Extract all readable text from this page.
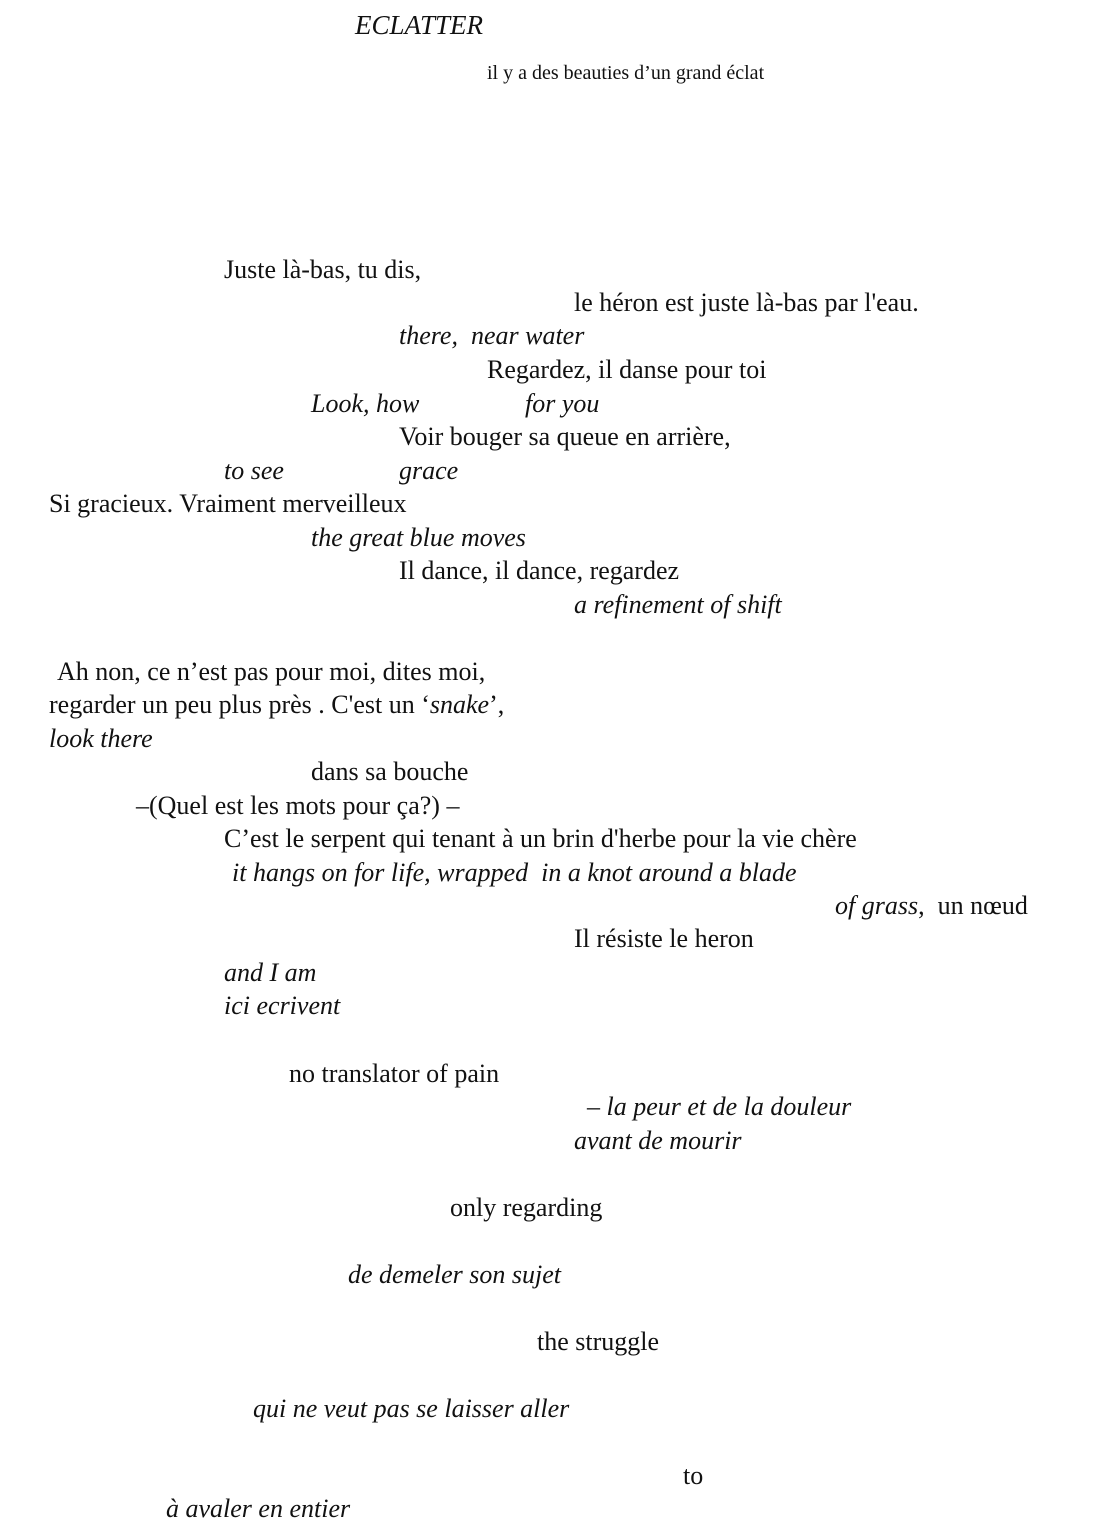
ECLATTER

il y a des beauties d’un grand éclat

Juste là-bas, tu dis,

le héron est juste là-bas par l'eau.

there,  near water

Regardez, il danse pour toi

Look, how	for you

Voir bouger sa queue en arrière,

to see	grace

Si gracieux. Vraiment merveilleux

the great blue moves

Il dance, il dance, regardez

a refinement of shift

Ah non, ce n’est pas pour moi, dites moi,

regarder un peu plus près . C'est un ‘snake’,

look there

dans sa bouche

–(Quel est les mots pour ça?) –

C’est le serpent qui tenant à un brin d'herbe pour la vie chère

it hangs on for life, wrapped  in a knot around a blade

of grass,  un nœud

Il résiste le heron

and I am

ici ecrivent

no translator of pain

– la peur et de la douleur

avant de mourir

only regarding

de demeler son sujet

the struggle

qui ne veut pas se laisser aller

to

à avaler en entier
